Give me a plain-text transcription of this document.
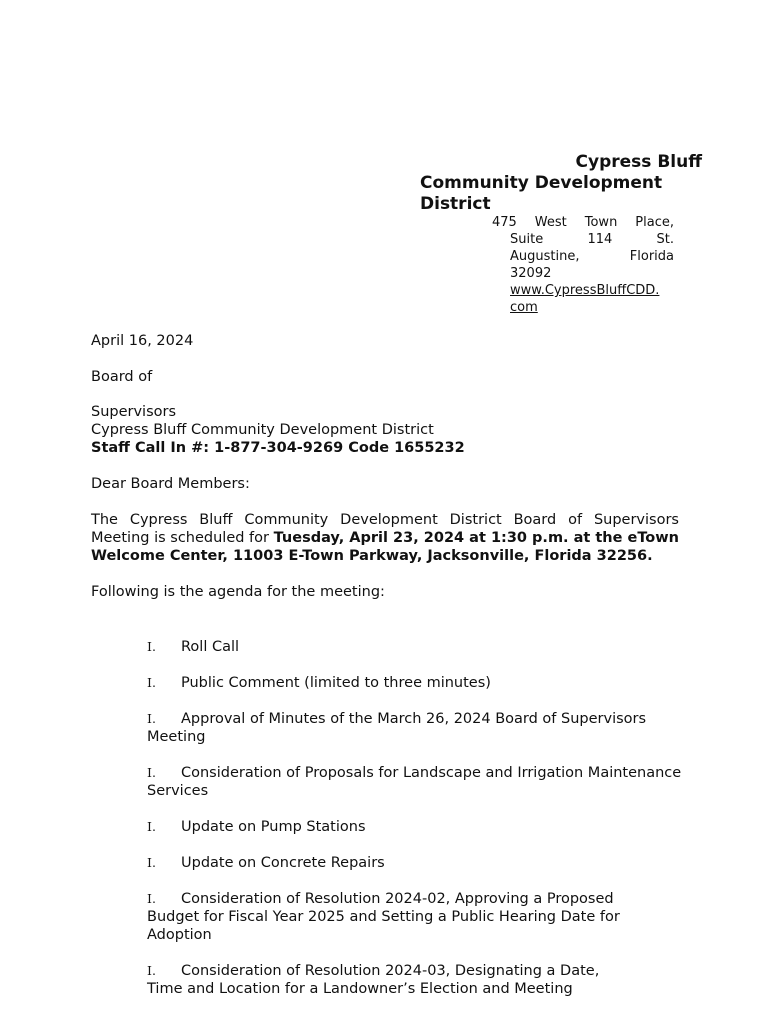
Cypress Bluff
Community Development
District
475 West Town Place,
Suite 114 St.
Augustine, Florida
32092
www.CypressBluffCDD.
com
April 16, 2024
Board of
Supervisors
Cypress Bluff Community Development District
Staff Call In #: 1-877-304-9269 Code 1655232
Dear Board Members:
The Cypress Bluff Community Development District Board of Supervisors Meeting is scheduled for Tuesday, April 23, 2024 at 1:30 p.m. at the eTown Welcome Center, 11003 E-Town Parkway, Jacksonville, Florida 32256.
Following is the agenda for the meeting:
I. Roll Call
I. Public Comment (limited to three minutes)
I. Approval of Minutes of the March 26, 2024 Board of Supervisors
Meeting
I. Consideration of Proposals for Landscape and Irrigation Maintenance
Services
I. Update on Pump Stations
I. Update on Concrete Repairs
I. Consideration of Resolution 2024-02, Approving a Proposed
Budget for Fiscal Year 2025 and Setting a Public Hearing Date for
Adoption
I. Consideration of Resolution 2024-03, Designating a Date,
Time and Location for a Landowner’s Election and Meeting
